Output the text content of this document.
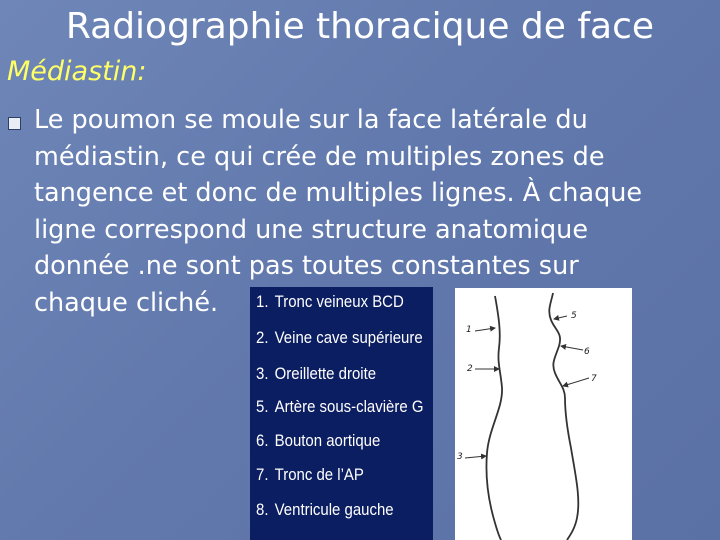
Radiographie thoracique de face
Médiastin:
Le poumon se moule sur la face latérale du
médiastin, ce qui crée de multiples zones de
tangence et donc de multiples lignes. À chaque
ligne correspond une structure anatomique
donnée .ne sont pas toutes constantes sur
chaque cliché.	1. Tronc veineux BCD
2. Veine cave supérieure
3. Oreillette droite
5. Artère sous-clavière G
6. Bouton aortique
7. Tronc de l’AP
8. Ventricule gauche
1
2
3
5
6
7
